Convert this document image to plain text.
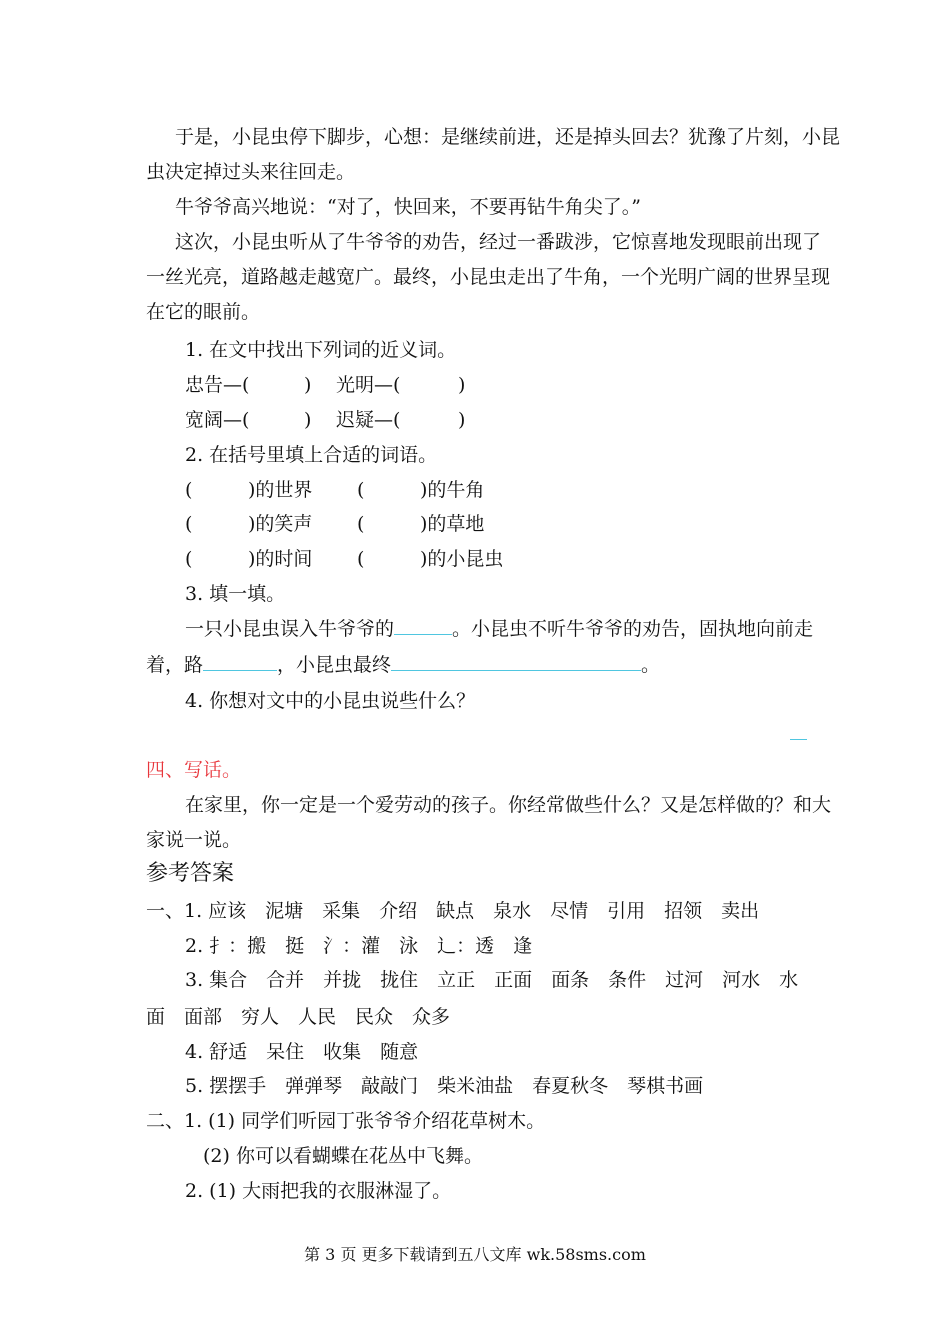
于是，小昆虫停下脚步，心想：是继续前进，还是掉头回去？犹豫了片刻，小昆
虫决定掉过头来往回走。
牛爷爷高兴地说：“对了，快回来，不要再钻牛角尖了。”
这次，小昆虫听从了牛爷爷的劝告，经过一番跋涉，它惊喜地发现眼前出现了
一丝光亮，道路越走越宽广。最终，小昆虫走出了牛角，一个光明广阔的世界呈现
在它的眼前。
1. 在文中找出下列词的近义词。
忠告—(	) 光明—(	)
宽阔—(	) 迟疑—(	)
2. 在括号里填上合适的词语。
(	)的世界 (	)的牛角
(	)的笑声 (	)的草地
(	)的时间 (	)的小昆虫
3. 填一填。
一只小昆虫误入牛爷爷的	。小昆虫不听牛爷爷的劝告，固执地向前走
着，路	，小昆虫最终	。
4. 你想对文中的小昆虫说些什么？
四、写话。
在家里，你一定是一个爱劳动的孩子。你经常做些什么？又是怎样做的？和大
家说一说。
参考答案
一、1. 应该　泥塘　采集　介绍　缺点　泉水　尽情　引用　招领　卖出
2. 扌：搬　挺　氵：灌　泳　辶：透　逢
3. 集合　合并　并拢　拢住　立正　正面　面条　条件　过河　河水　水
面　面部　穷人　人民　民众　众多
4. 舒适　呆住　收集　随意
5. 摆摆手　弹弹琴　敲敲门　柴米油盐　春夏秋冬　琴棋书画
二、1. (1) 同学们听园丁张爷爷介绍花草树木。
(2) 你可以看蝴蝶在花丛中飞舞。
2. (1) 大雨把我的衣服淋湿了。
第 3 页 更多下载请到五八文库 wk.58sms.com
